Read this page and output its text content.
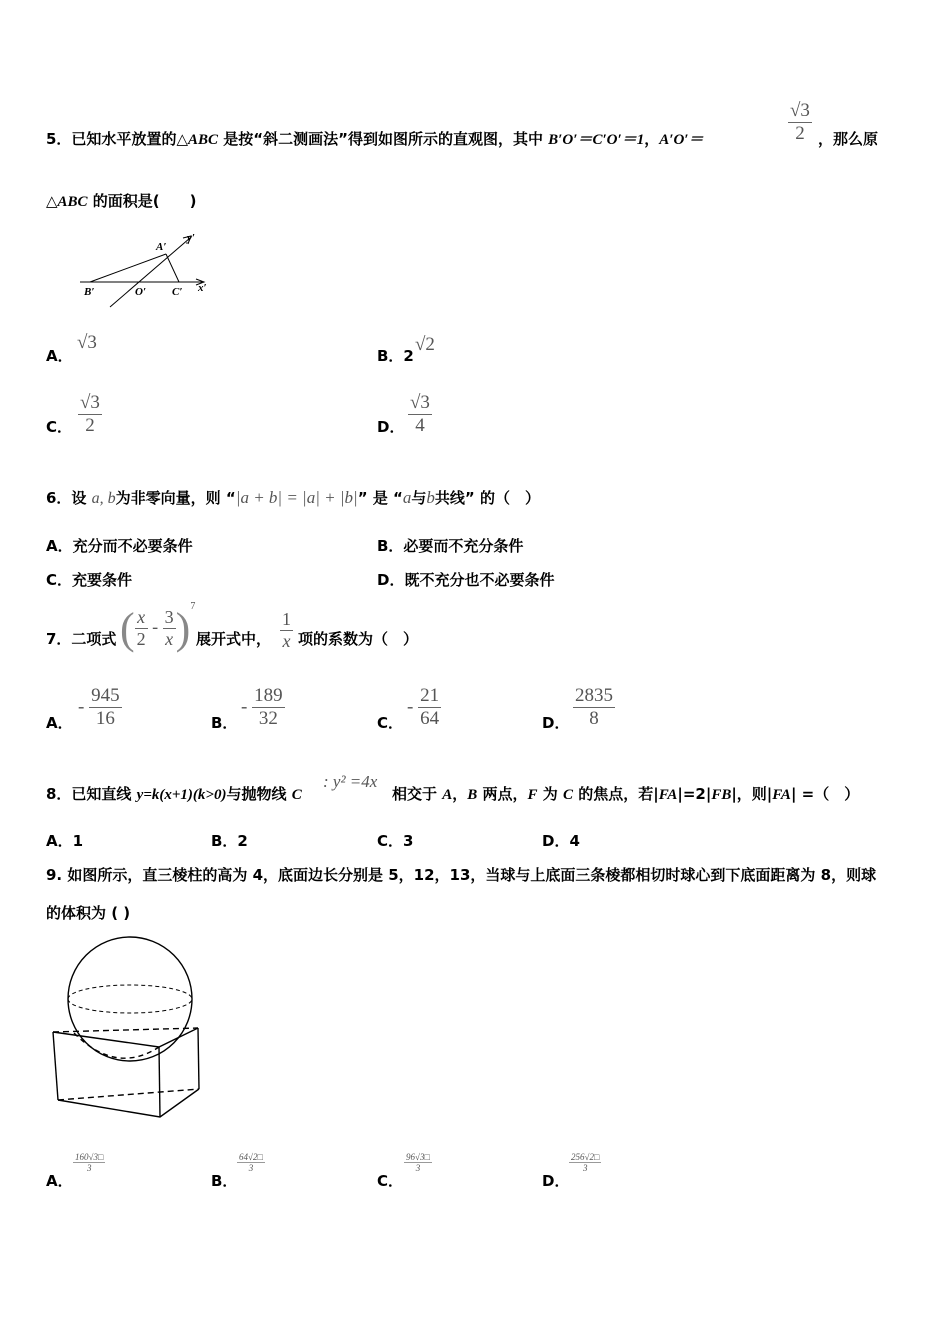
5．已知水平放置的△ABC 是按“斜二测画法”得到如图所示的直观图，其中 B′O′＝C′O′＝1，A′O′＝	$\frac{√3}{2}$ ，那么原
△ABC 的面积是(　　)
A′
y′
B′	O′ C′ x′
A．
√3
B．2
√2
C． $\frac{√3}{2}$	D． $\frac{√3}{4}$
6．设 a, b为非零向量，则 “|a + b| = |a| + |b|” 是 “a与b共线” 的（　）
A．充分而不必要条件	B．必要而不充分条件
C．充要条件	D．既不充分也不必要条件
7．二项式 ( $\frac{x}{2} - \frac{3}{x} )^7$
展开式中， $\frac{1}{x}$ 项的系数为（　）
A．
- $\frac{945}{16}$	B．
- $\frac{189}{32}$	C．
- $\frac{21}{64}$	D． $\frac{2835}{8}$
8．已知直线 y=k(x+1)(k>0)与抛物线 C
: y² =4x
相交于 A，B 两点，F 为 C 的焦点，若|FA|=2|FB|，则|FA| =（　）
A．1	B．2	C．3	D．4
9. 如图所示，直三棱柱的高为 4，底面边长分别是 5，12，13，当球与上底面三条棱都相切时球心到下底面距离为 8，则球
的体积为 ( )
A．
$\frac{160√3□}{3}$
B．
$\frac{64√2□}{3}$
C．
$\frac{96√3□}{3}$
D．
$\frac{256√2□}{3}$
